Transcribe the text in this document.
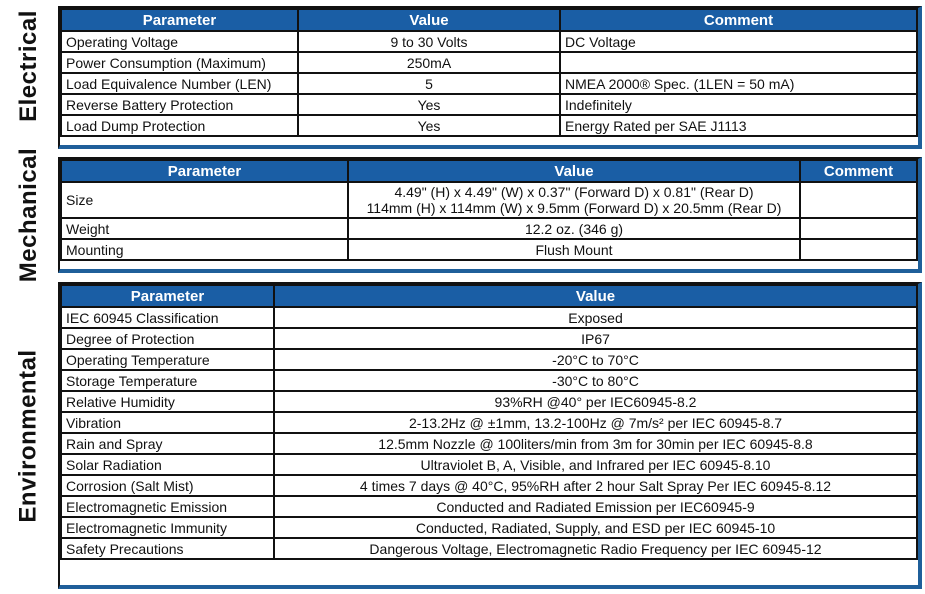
Electrical	Parameter	Value	Comment
Operating Voltage	9 to 30 Volts	DC Voltage
Power Consumption (Maximum)	250mA	
Load Equivalence Number (LEN)	5	NMEA 2000® Spec. (1LEN = 50 mA)
Reverse Battery Protection	Yes	Indefinitely
Load Dump Protection	Yes	Energy Rated per SAE J1113
Mechanical	Parameter	Value	Comment
Size	4.49" (H) x 4.49" (W) x 0.37" (Forward D) x 0.81" (Rear D)
114mm (H) x 114mm (W) x 9.5mm (Forward D) x 20.5mm (Rear D)	

Weight	12.2 oz. (346 g)	
Mounting	Flush Mount	
Environmental
Parameter	Value
IEC 60945 Classification	Exposed
Degree of Protection	IP67
Operating Temperature	-20°C to 70°C
Storage Temperature	-30°C to 80°C
Relative Humidity	93%RH @40° per IEC60945-8.2
Vibration	2-13.2Hz @ ±1mm, 13.2-100Hz @ 7m/s² per IEC 60945-8.7
Rain and Spray	12.5mm Nozzle @ 100liters/min from 3m for 30min per IEC 60945-8.8
Solar Radiation	Ultraviolet B, A, Visible, and Infrared per IEC 60945-8.10
Corrosion (Salt Mist)	4 times 7 days @ 40°C, 95%RH after 2 hour Salt Spray Per IEC 60945-8.12
Electromagnetic Emission	Conducted and Radiated Emission per IEC60945-9
Electromagnetic Immunity	Conducted, Radiated, Supply, and ESD per IEC 60945-10
Safety Precautions	Dangerous Voltage, Electromagnetic Radio Frequency per IEC 60945-12
